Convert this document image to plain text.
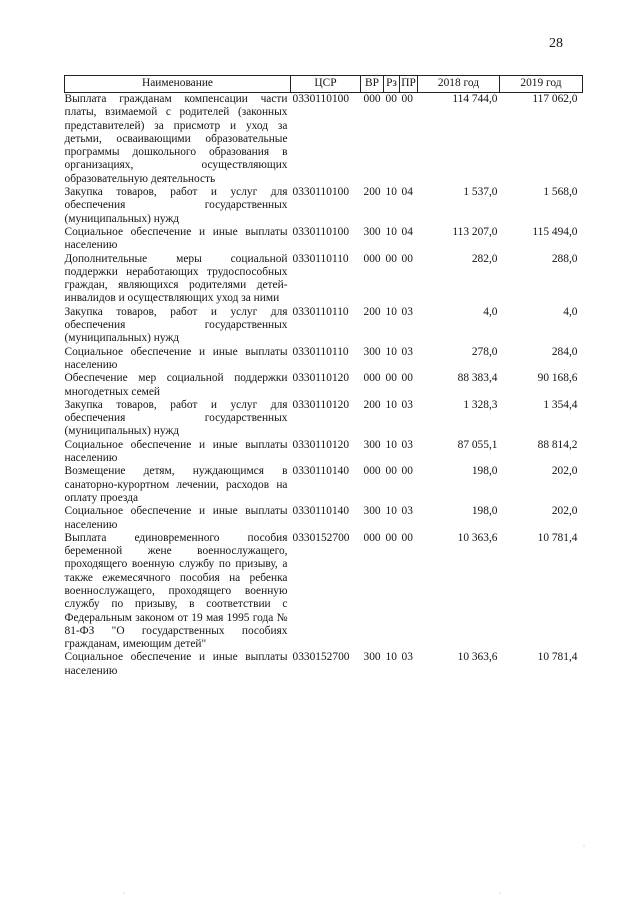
28
Наименование	ЦСР	ВР	Рз	ПР	2018 год	2019 год
Выплата гражданам компенсации части платы, взимаемой с родителей (законных представителей) за присмотр и уход за детьми, осваивающими образовательные программы дошкольного образования в организациях, осуществляющих образовательную деятельность	0330110100	000	00	00	114 744,0	117 062,0
Закупка товаров, работ и услуг для обеспечения государственных (муниципальных) нужд	0330110100	200	10	04	1 537,0	1 568,0
Социальное обеспечение и иные выплаты населению	0330110100	300	10	04	113 207,0	115 494,0
Дополнительные меры социальной поддержки неработающих трудоспособных граждан, являющихся родителями детей-инвалидов и осуществляющих уход за ними	0330110110	000	00	00	282,0	288,0
Закупка товаров, работ и услуг для обеспечения государственных (муниципальных) нужд	0330110110	200	10	03	4,0	4,0
Социальное обеспечение и иные выплаты населению	0330110110	300	10	03	278,0	284,0
Обеспечение мер социальной поддержки многодетных семей	0330110120	000	00	00	88 383,4	90 168,6
Закупка товаров, работ и услуг для обеспечения государственных (муниципальных) нужд	0330110120	200	10	03	1 328,3	1 354,4
Социальное обеспечение и иные выплаты населению	0330110120	300	10	03	87 055,1	88 814,2
Возмещение детям, нуждающимся в санаторно-курортном лечении, расходов на оплату проезда	0330110140	000	00	00	198,0	202,0
Социальное обеспечение и иные выплаты населению	0330110140	300	10	03	198,0	202,0
Выплата единовременного пособия беременной жене военнослужащего, проходящего военную службу по призыву, а также ежемесячного пособия на ребенка военнослужащего, проходящего военную службу по призыву, в соответствии с Федеральным законом от 19 мая 1995 года № 81-ФЗ "О государственных пособиях гражданам, имеющим детей"	0330152700	000	00	00	10 363,6	10 781,4
Социальное обеспечение и иные выплаты населению	0330152700	300	10	03	10 363,6	10 781,4
